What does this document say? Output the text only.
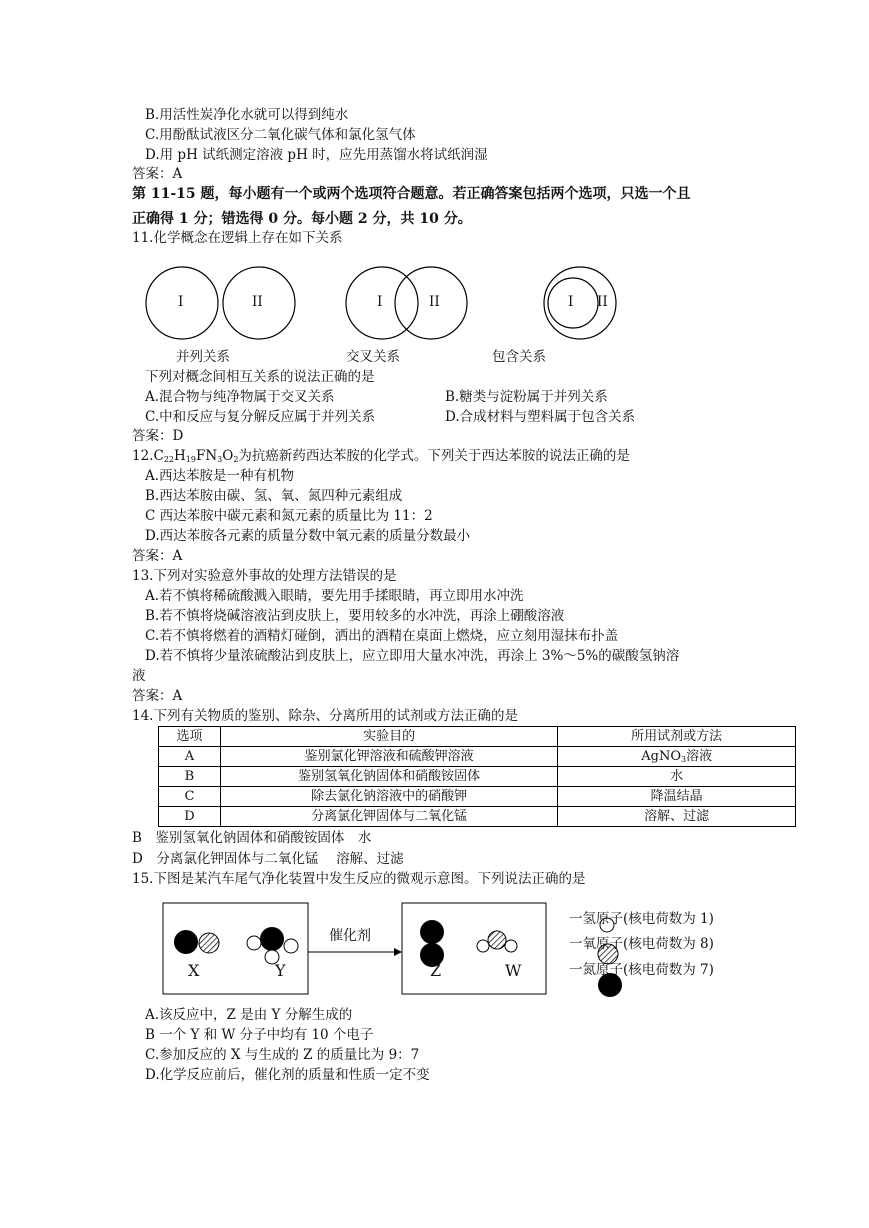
B.用活性炭净化水就可以得到纯水
C.用酚酞试液区分二氧化碳气体和氯化氢气体
D.用 pH 试纸测定溶液 pH 时，应先用蒸馏水将试纸润湿
答案：A
第 11-15 题，每小题有一个或两个选项符合题意。若正确答案包括两个选项，只选一个且
正确得 1 分；错选得 0 分。每小题 2 分，共 10 分。
11.化学概念在逻辑上存在如下关系
I	II	I	II	I II
并列关系	交叉关系	包含关系
下列对概念间相互关系的说法正确的是
A.混合物与纯净物属于交叉关系	B.糖类与淀粉属于并列关系
C.中和反应与复分解反应属于并列关系	D.合成材料与塑料属于包含关系
答案：D
$12.C_{22}H_{19}FN_3O_2$为抗癌新药西达苯胺的化学式。下列关于西达苯胺的说法正确的是
A.西达苯胺是一种有机物
B.西达苯胺由碳、氢、氧、氮四种元素组成
C 西达苯胺中碳元素和氮元素的质量比为 11：2
D.西达苯胺各元素的质量分数中氧元素的质量分数最小
答案：A
13.下列对实验意外事故的处理方法错误的是
A.若不慎将稀硫酸溅入眼睛，要先用手揉眼睛，再立即用水冲洗
B.若不慎将烧碱溶液沾到皮肤上，要用较多的水冲洗，再涂上硼酸溶液
C.若不慎将燃着的酒精灯碰倒，洒出的酒精在桌面上燃烧，应立刻用湿抹布扑盖
D.若不慎将少量浓硫酸沾到皮肤上，应立即用大量水冲洗，再涂上 3%～5%的碳酸氢钠溶
液
答案：A
14.下列有关物质的鉴别、除杂、分离所用的试剂或方法正确的是
选项	实验目的	所用试剂或方法
A	鉴别氯化钾溶液和硫酸钾溶液	AgNO$_3$溶液
B	鉴别氢氧化钠固体和硝酸铵固体	水
C	除去氯化钠溶液中的硝酸钾	降温结晶
D	分离氯化钾固体与二氧化锰	溶解、过滤
B　鉴别氢氧化钠固体和硝酸铵固体　水
D　分离氯化钾固体与二氧化锰　 溶解、过滤
15.下图是某汽车尾气净化装置中发生反应的微观示意图。下列说法正确的是
催化剂
X	Y	Z	W
一氢原子(核电荷数为 1)
一氧原子(核电荷数为 8)
一氮原子(核电荷数为 7)
A.该反应中，Z 是由 Y 分解生成的
B 一个 Y 和 W 分子中均有 10 个电子
C.参加反应的 X 与生成的 Z 的质量比为 9：7
D.化学反应前后，催化剂的质量和性质一定不变
